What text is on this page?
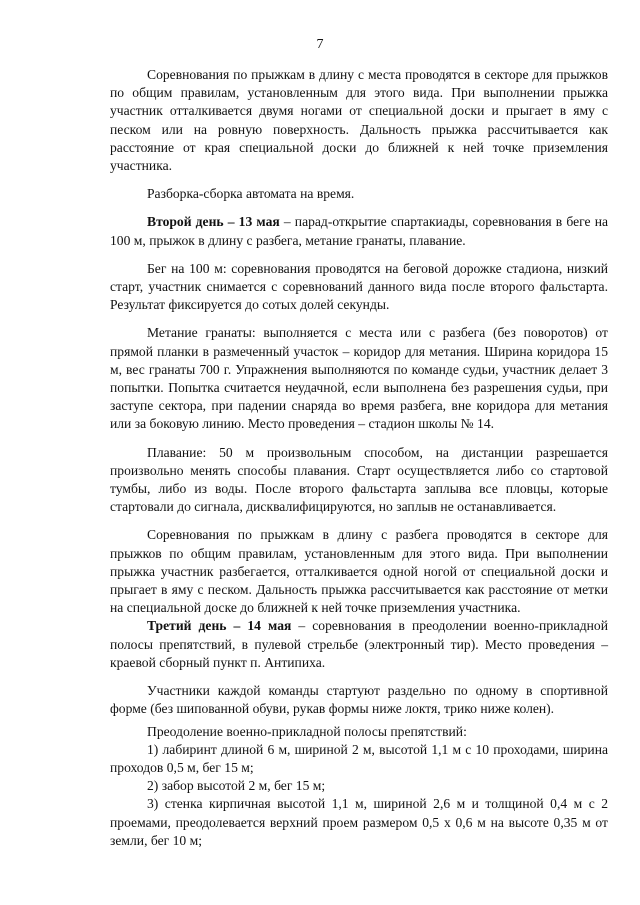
7

Соревнования по прыжкам в длину с места проводятся в секторе для прыжков по общим правилам, установленным для этого вида. При выполнении прыжка участник отталкивается двумя ногами от специальной доски и прыгает в яму с песком или на ровную поверхность. Дальность прыжка рассчитывается как расстояние от края специальной доски до ближней к ней точке приземления участника.

Разборка-сборка автомата на время.

Второй день – 13 мая – парад-открытие спартакиады, соревнования в беге на 100 м, прыжок в длину с разбега, метание гранаты, плавание.

Бег на 100 м: соревнования проводятся на беговой дорожке стадиона, низкий старт, участник снимается с соревнований данного вида после второго фальстарта. Результат фиксируется до сотых долей секунды.

Метание гранаты: выполняется с места или с разбега (без поворотов) от прямой планки в размеченный участок – коридор для метания. Ширина коридора 15 м, вес гранаты 700 г. Упражнения выполняются по команде судьи, участник делает 3 попытки. Попытка считается неудачной, если выполнена без разрешения судьи, при заступе сектора, при падении снаряда во время разбега, вне коридора для метания или за боковую линию. Место проведения – стадион школы № 14.

Плавание: 50 м произвольным способом, на дистанции разрешается произвольно менять способы плавания. Старт осуществляется либо со стартовой тумбы, либо из воды. После второго фальстарта заплыва все пловцы, которые стартовали до сигнала, дисквалифицируются, но заплыв не останавливается.

Соревнования по прыжкам в длину с разбега проводятся в секторе для прыжков по общим правилам, установленным для этого вида. При выполнении прыжка участник разбегается, отталкивается одной ногой от специальной доски и прыгает в яму с песком. Дальность прыжка рассчитывается как расстояние от метки на специальной доске до ближней к ней точке приземления участника.

Третий день – 14 мая – соревнования в преодолении военно-прикладной полосы препятствий, в пулевой стрельбе (электронный тир). Место проведения – краевой сборный пункт п. Антипиха.

Участники каждой команды стартуют раздельно по одному в спортивной форме (без шипованной обуви, рукав формы ниже локтя, трико ниже колен).

Преодоление военно-прикладной полосы препятствий:

1) лабиринт длиной 6 м, шириной 2 м, высотой 1,1 м с 10 проходами, ширина проходов 0,5 м, бег 15 м;

2) забор высотой 2 м, бег 15 м;

3) стенка кирпичная высотой 1,1 м, шириной 2,6 м и толщиной 0,4 м с 2 проемами, преодолевается верхний проем размером 0,5 х 0,6 м на высоте 0,35 м от земли, бег 10 м;
